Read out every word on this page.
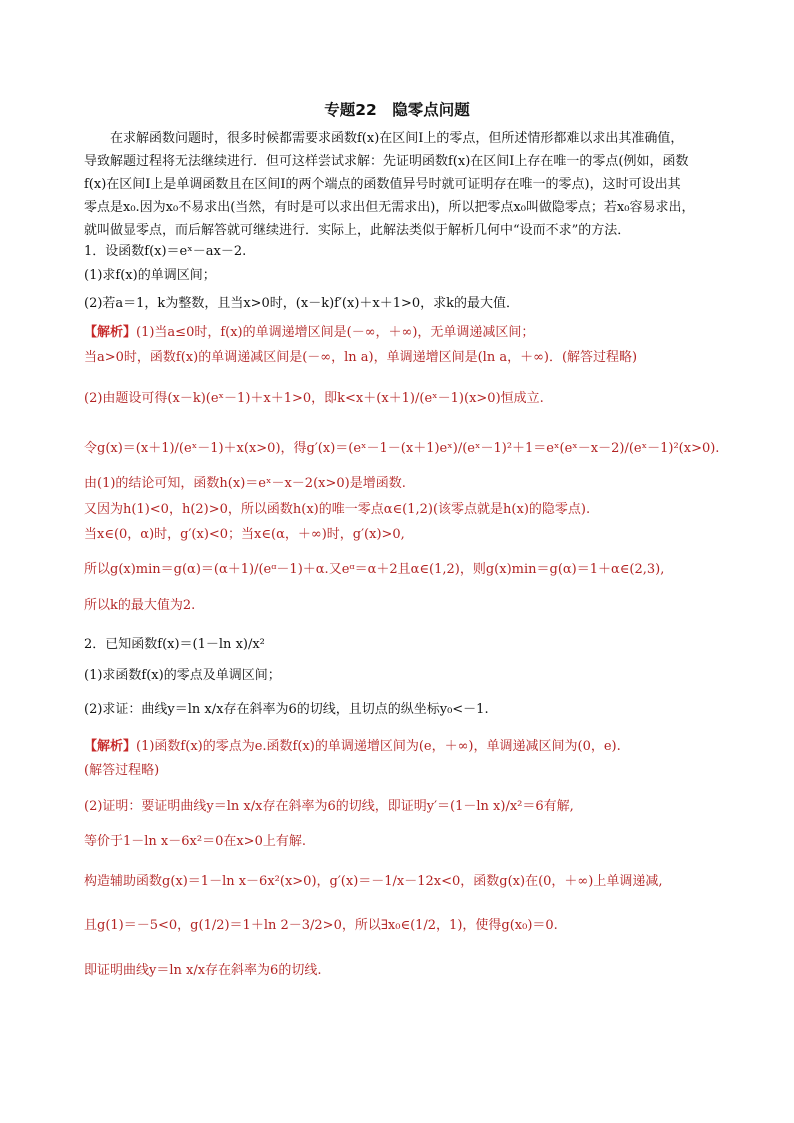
专题22　隐零点问题
　　在求解函数问题时，很多时候都需要求函数f(x)在区间I上的零点，但所述情形都难以求出其准确值，
导致解题过程将无法继续进行．但可这样尝试求解：先证明函数f(x)在区间I上存在唯一的零点(例如，函数
f(x)在区间I上是单调函数且在区间I的两个端点的函数值异号时就可证明存在唯一的零点)，这时可设出其
零点是x₀.因为x₀不易求出(当然，有时是可以求出但无需求出)，所以把零点x₀叫做隐零点；若x₀容易求出，
就叫做显零点，而后解答就可继续进行．实际上，此解法类似于解析几何中“设而不求”的方法．
1．设函数f(x)＝eˣ－ax－2.
(1)求f(x)的单调区间；
(2)若a＝1，k为整数，且当x>0时，(x－k)f′(x)＋x＋1>0，求k的最大值．
【解析】(1)当a≤0时，f(x)的单调递增区间是(－∞，＋∞)，无单调递减区间；
当a>0时，函数f(x)的单调递减区间是(－∞，ln a)，单调递增区间是(ln a，＋∞)．(解答过程略)
(2)由题设可得(x－k)(eˣ－1)＋x＋1>0，即k<x＋(x＋1)/(eˣ－1)(x>0)恒成立.
令g(x)＝(x＋1)/(eˣ－1)＋x(x>0)，得g′(x)＝(eˣ－1－(x＋1)eˣ)/(eˣ－1)²＋1＝eˣ(eˣ－x－2)/(eˣ－1)²(x>0).
由(1)的结论可知，函数h(x)＝eˣ－x－2(x>0)是增函数.
又因为h(1)<0，h(2)>0，所以函数h(x)的唯一零点α∈(1,2)(该零点就是h(x)的隐零点).
当x∈(0，α)时，g′(x)<0；当x∈(α，＋∞)时，g′(x)>0,
所以g(x)min＝g(α)＝(α＋1)/(eᵅ－1)＋α.又eᵅ＝α＋2且α∈(1,2)，则g(x)min＝g(α)＝1＋α∈(2,3),
所以k的最大值为2.
2．已知函数f(x)＝(1－ln x)/x²
(1)求函数f(x)的零点及单调区间；
(2)求证：曲线y＝ln x/x存在斜率为6的切线，且切点的纵坐标y₀<－1.
【解析】(1)函数f(x)的零点为e.函数f(x)的单调递增区间为(e，＋∞)，单调递减区间为(0，e).
(解答过程略)
(2)证明：要证明曲线y＝ln x/x存在斜率为6的切线，即证明y′＝(1－ln x)/x²＝6有解,
等价于1－ln x－6x²＝0在x>0上有解.
构造辅助函数g(x)＝1－ln x－6x²(x>0)，g′(x)＝－1/x－12x<0，函数g(x)在(0，＋∞)上单调递减,
且g(1)＝－5<0，g(1/2)＝1＋ln 2－3/2>0，所以∃x₀∈(1/2，1)，使得g(x₀)＝0.
即证明曲线y＝ln x/x存在斜率为6的切线.
